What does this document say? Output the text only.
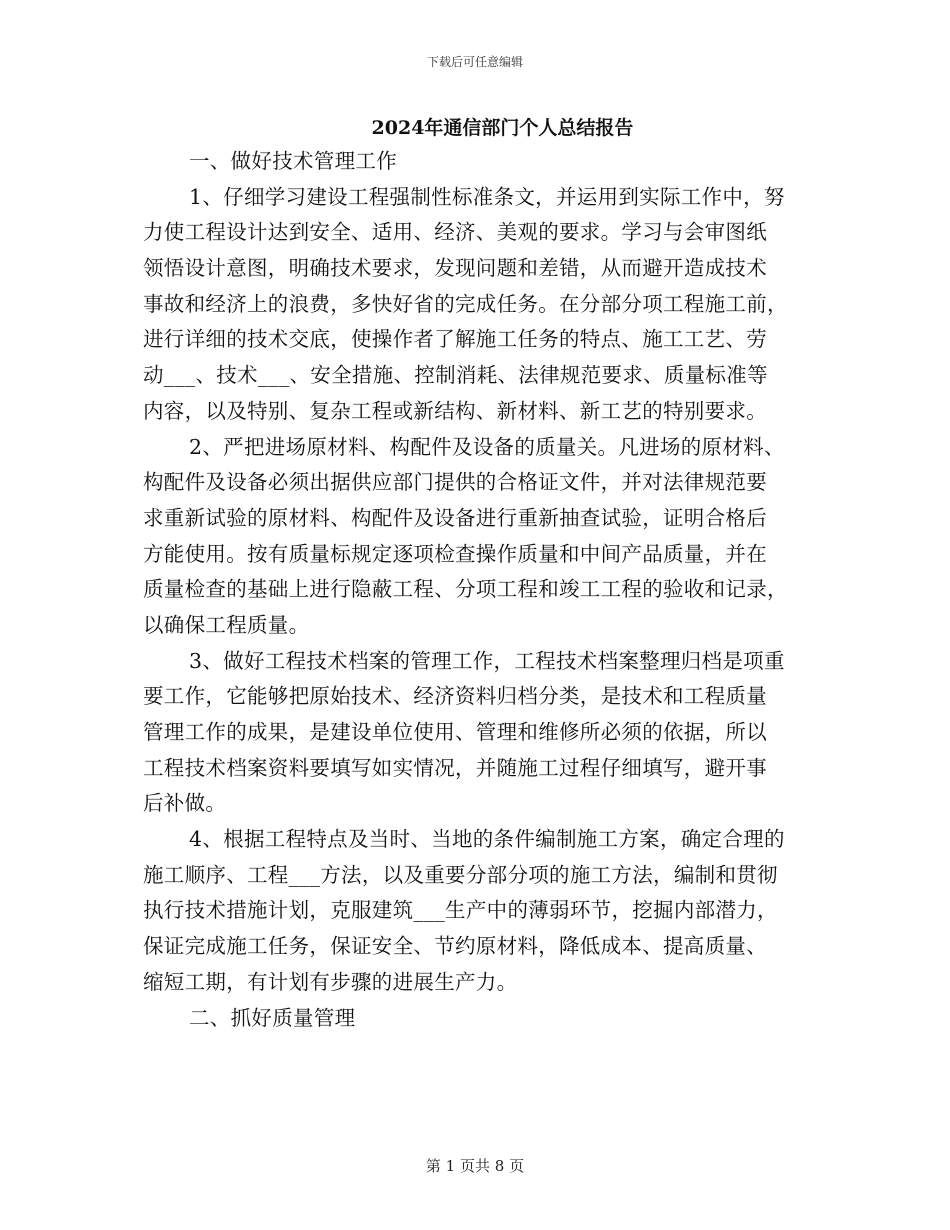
下载后可任意编辑
2024年通信部门个人总结报告
一、做好技术管理工作
1、仔细学习建设工程强制性标准条文，并运用到实际工作中，努
力使工程设计达到安全、适用、经济、美观的要求。学习与会审图纸
领悟设计意图，明确技术要求，发现问题和差错，从而避开造成技术
事故和经济上的浪费，多快好省的完成任务。在分部分项工程施工前，
进行详细的技术交底，使操作者了解施工任务的特点、施工工艺、劳
动___、技术___、安全措施、控制消耗、法律规范要求、质量标准等
内容，以及特别、复杂工程或新结构、新材料、新工艺的特别要求。
2、严把进场原材料、构配件及设备的质量关。凡进场的原材料、
构配件及设备必须出据供应部门提供的合格证文件，并对法律规范要
求重新试验的原材料、构配件及设备进行重新抽查试验，证明合格后
方能使用。按有质量标规定逐项检查操作质量和中间产品质量，并在
质量检查的基础上进行隐蔽工程、分项工程和竣工工程的验收和记录，
以确保工程质量。
3、做好工程技术档案的管理工作，工程技术档案整理归档是项重
要工作，它能够把原始技术、经济资料归档分类，是技术和工程质量
管理工作的成果，是建设单位使用、管理和维修所必须的依据，所以
工程技术档案资料要填写如实情况，并随施工过程仔细填写，避开事
后补做。
4、根据工程特点及当时、当地的条件编制施工方案，确定合理的
施工顺序、工程___方法，以及重要分部分项的施工方法，编制和贯彻
执行技术措施计划，克服建筑___生产中的薄弱环节，挖掘内部潜力，
保证完成施工任务，保证安全、节约原材料，降低成本、提高质量、
缩短工期，有计划有步骤的进展生产力。
二、抓好质量管理
第 1 页共 8 页
